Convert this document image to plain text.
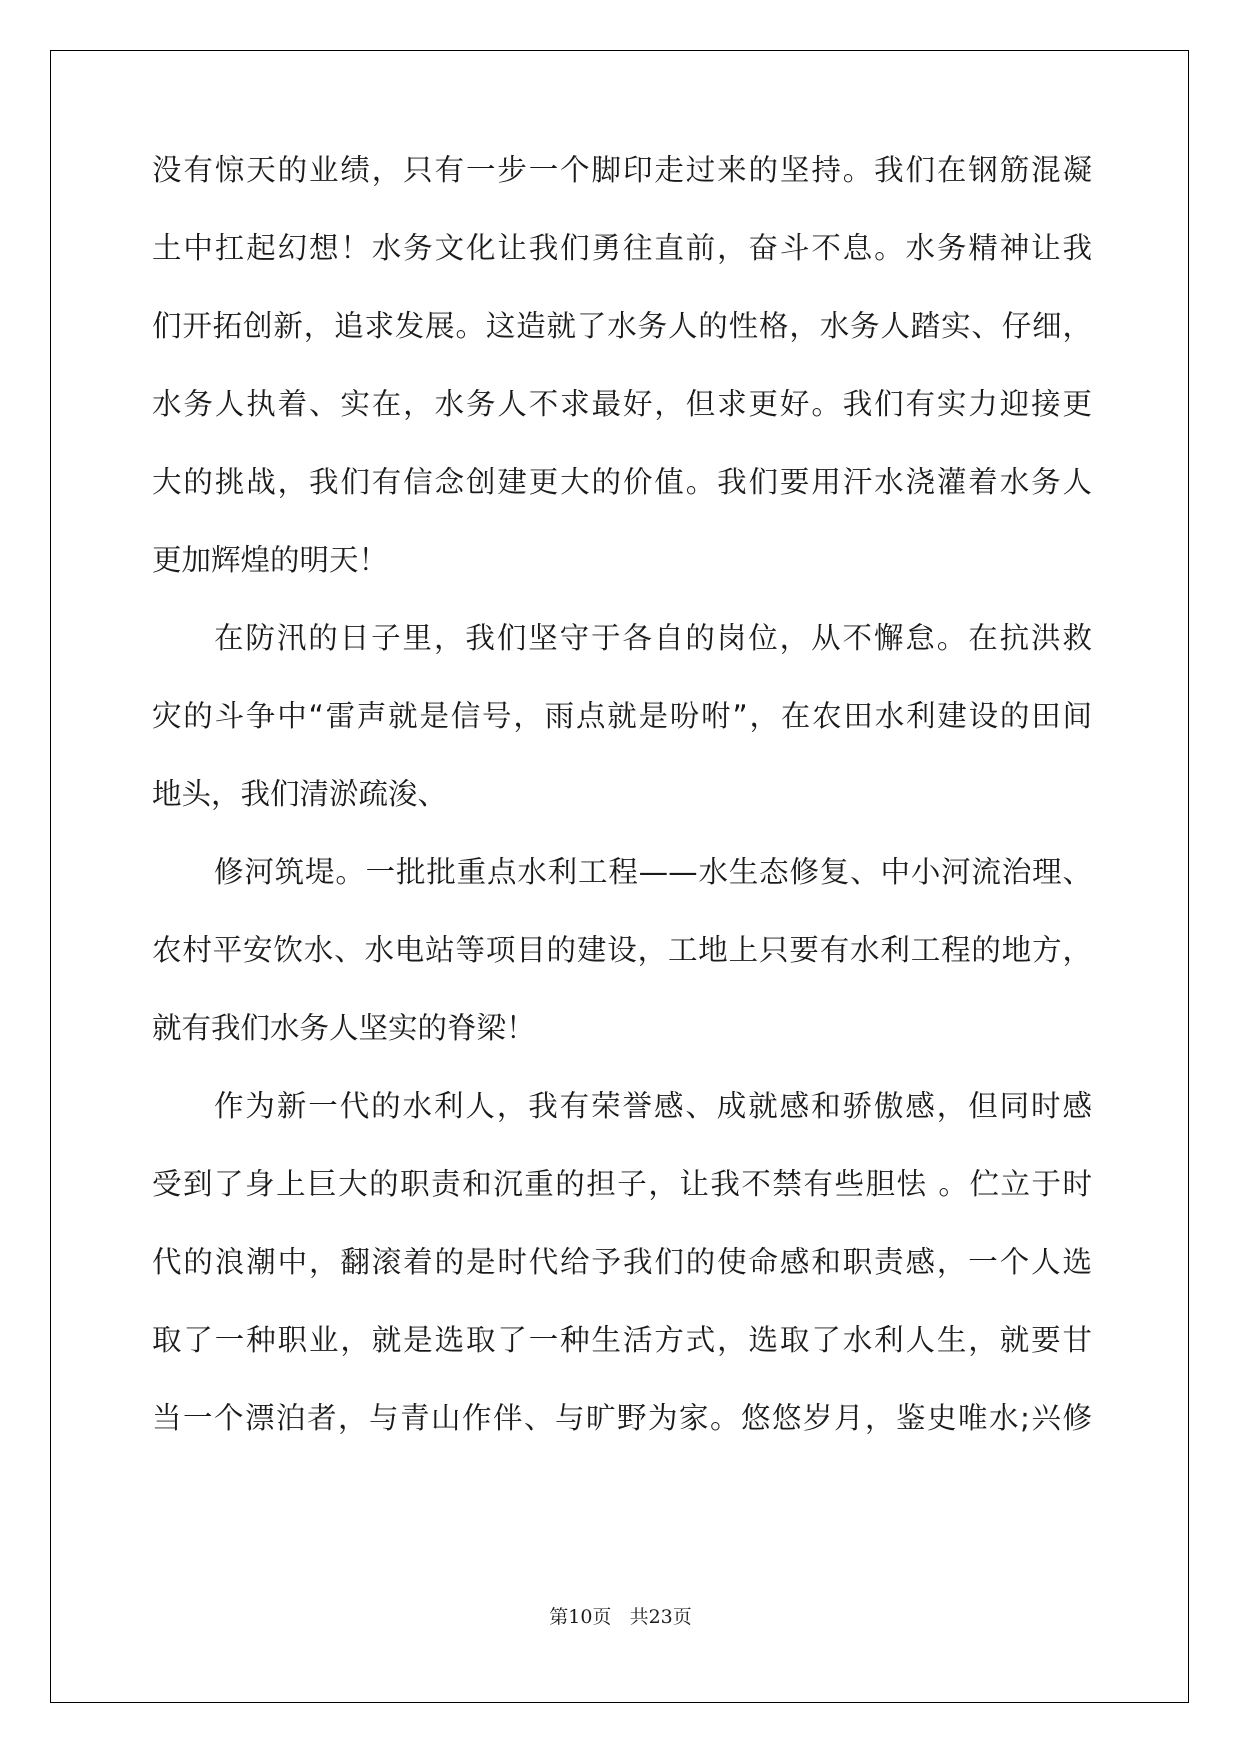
没有惊天的业绩，只有一步一个脚印走过来的坚持。我们在钢筋混凝
土中扛起幻想！水务文化让我们勇往直前，奋斗不息。水务精神让我
们开拓创新，追求发展。这造就了水务人的性格，水务人踏实、仔细，
水务人执着、实在，水务人不求最好，但求更好。我们有实力迎接更
大的挑战，我们有信念创建更大的价值。我们要用汗水浇灌着水务人
更加辉煌的明天！
在防汛的日子里，我们坚守于各自的岗位，从不懈怠。在抗洪救
灾的斗争中“雷声就是信号，雨点就是吩咐”，在农田水利建设的田间
地头，我们清淤疏浚、
修河筑堤。一批批重点水利工程——水生态修复、中小河流治理、
农村平安饮水、水电站等项目的建设，工地上只要有水利工程的地方，
就有我们水务人坚实的脊梁！
作为新一代的水利人，我有荣誉感、成就感和骄傲感，但同时感
受到了身上巨大的职责和沉重的担子，让我不禁有些胆怯 。伫立于时
代的浪潮中，翻滚着的是时代给予我们的使命感和职责感，一个人选
取了一种职业，就是选取了一种生活方式，选取了水利人生，就要甘
当一个漂泊者，与青山作伴、与旷野为家。悠悠岁月，鉴史唯水;兴修
第10页 共23页
